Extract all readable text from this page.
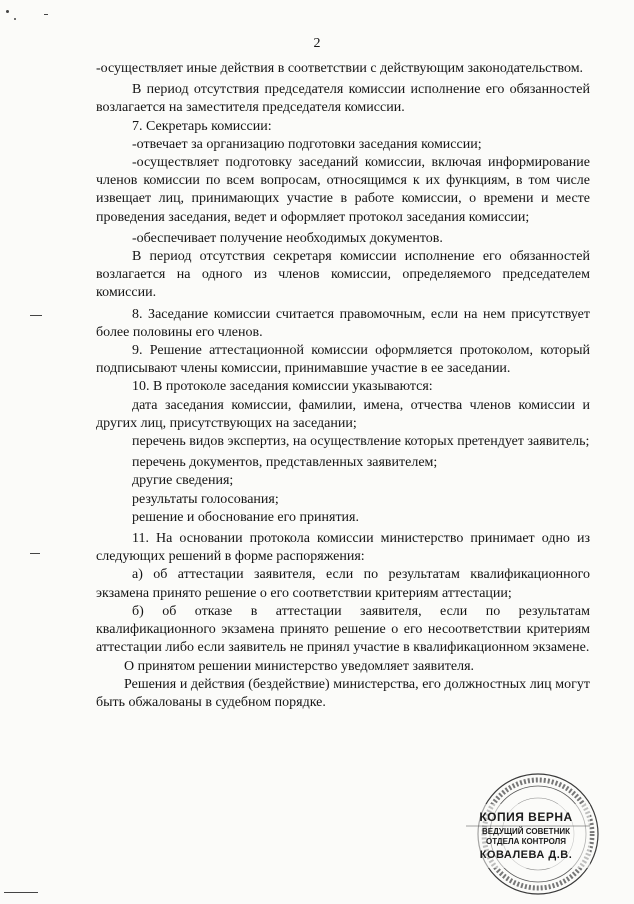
2

-осуществляет иные действия в соответствии с действующим законодательством.

В период отсутствия председателя комиссии исполнение его обязанностей возлагается на заместителя председателя комиссии.

7. Секретарь комиссии:

-отвечает за организацию подготовки заседания комиссии;

-осуществляет подготовку заседаний комиссии, включая информирование членов комиссии по всем вопросам, относящимся к их функциям, в том числе извещает лиц, принимающих участие в работе комиссии, о времени и месте проведения заседания, ведет и оформляет протокол заседания комиссии;

-обеспечивает получение необходимых документов.

В период отсутствия секретаря комиссии исполнение его обязанностей возлагается на одного из членов комиссии, определяемого председателем комиссии.

8. Заседание комиссии считается правомочным, если на нем присутствует более половины его членов.

9. Решение аттестационной комиссии оформляется протоколом, который подписывают члены комиссии, принимавшие участие в ее заседании.

10. В протоколе заседания комиссии указываются:

дата заседания комиссии, фамилии, имена, отчества членов комиссии и других лиц, присутствующих на заседании;

перечень видов экспертиз, на осуществление которых претендует заявитель;

перечень документов, представленных заявителем;

другие сведения;

результаты голосования;

решение и обоснование его принятия.

11. На основании протокола комиссии министерство принимает одно из следующих решений в форме распоряжения:

а) об аттестации заявителя, если по результатам квалификационного экзамена принято решение о его соответствии критериям аттестации;

б) об отказе в аттестации заявителя, если по результатам квалификационного экзамена принято решение о его несоответствии критериям аттестации либо если заявитель не принял участие в квалификационном экзамене.

О принятом решении министерство уведомляет заявителя.

Решения и действия (бездействие) министерства, его должностных лиц могут быть обжалованы в судебном порядке.

КОПИЯ ВЕРНА
ВЕДУЩИЙ СОВЕТНИК
ОТДЕЛА КОНТРОЛЯ
КОВАЛЕВА Д.В.
